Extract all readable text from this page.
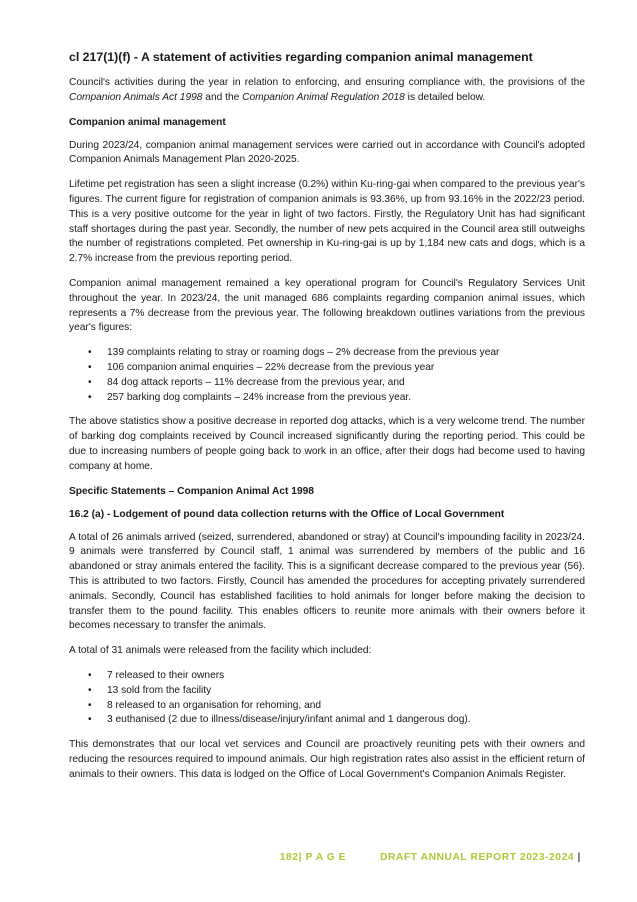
cl 217(1)(f) - A statement of activities regarding companion animal management

Council's activities during the year in relation to enforcing, and ensuring compliance with, the provisions of the Companion Animals Act 1998 and the Companion Animal Regulation 2018 is detailed below.

Companion animal management

During 2023/24, companion animal management services were carried out in accordance with Council's adopted Companion Animals Management Plan 2020-2025.

Lifetime pet registration has seen a slight increase (0.2%) within Ku-ring-gai when compared to the previous year's figures. The current figure for registration of companion animals is 93.36%, up from 93.16% in the 2022/23 period. This is a very positive outcome for the year in light of two factors. Firstly, the Regulatory Unit has had significant staff shortages during the past year. Secondly, the number of new pets acquired in the Council area still outweighs the number of registrations completed. Pet ownership in Ku-ring-gai is up by 1,184 new cats and dogs, which is a 2.7% increase from the previous reporting period.

Companion animal management remained a key operational program for Council's Regulatory Services Unit throughout the year. In 2023/24, the unit managed 686 complaints regarding companion animal issues, which represents a 7% decrease from the previous year. The following breakdown outlines variations from the previous year's figures:

• 139 complaints relating to stray or roaming dogs – 2% decrease from the previous year
• 106 companion animal enquiries – 22% decrease from the previous year
• 84 dog attack reports – 11% decrease from the previous year, and
• 257 barking dog complaints – 24% increase from the previous year.

The above statistics show a positive decrease in reported dog attacks, which is a very welcome trend. The number of barking dog complaints received by Council increased significantly during the reporting period. This could be due to increasing numbers of people going back to work in an office, after their dogs had become used to having company at home.

Specific Statements – Companion Animal Act 1998
16.2 (a) - Lodgement of pound data collection returns with the Office of Local Government

A total of 26 animals arrived (seized, surrendered, abandoned or stray) at Council's impounding facility in 2023/24. 9 animals were transferred by Council staff, 1 animal was surrendered by members of the public and 16 abandoned or stray animals entered the facility. This is a significant decrease compared to the previous year (56). This is attributed to two factors. Firstly, Council has amended the procedures for accepting privately surrendered animals. Secondly, Council has established facilities to hold animals for longer before making the decision to transfer them to the pound facility. This enables officers to reunite more animals with their owners before it becomes necessary to transfer the animals.

A total of 31 animals were released from the facility which included:

• 7 released to their owners
• 13 sold from the facility
• 8 released to an organisation for rehoming, and
• 3 euthanised (2 due to illness/disease/injury/infant animal and 1 dangerous dog).

This demonstrates that our local vet services and Council are proactively reuniting pets with their owners and reducing the resources required to impound animals. Our high registration rates also assist in the efficient return of animals to their owners. This data is lodged on the Office of Local Government's Companion Animals Register.

182| P A G E	DRAFT ANNUAL REPORT 2023-2024 |
